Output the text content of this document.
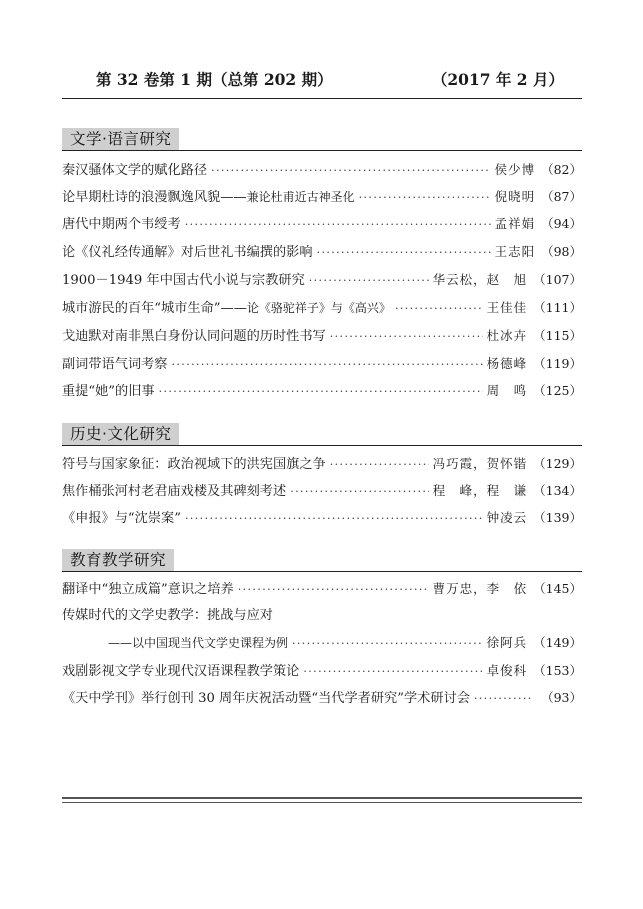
第 32 卷第 1 期（总第 202 期）	（2017 年 2 月）
文学·语言研究
秦汉骚体文学的赋化路径 ·····	侯少博 （82）
论早期杜诗的浪漫飘逸风貌—— 兼论杜甫近古神圣化 ·····	倪晓明 （87）
唐代中期两个韦绶考 ·····	孟祥娟 （94）
论《仪礼经传通解》对后世礼书编撰的影响 ·····	王志阳 （98）
1900－1949 年中国古代小说与宗教研究 ·····	华云松，赵　旭 （107）
城市游民的百年“城市生命”—— 论《骆驼祥子》与《高兴》 ·····	王佳佳 （111）
戈迪默对南非黑白身份认同问题的历时性书写 ·····	杜冰卉 （115）
副词带语气词考察 ·····	杨德峰 （119）
重提“她”的旧事 ·····	周　鸣 （125）
历史·文化研究
符号与国家象征：政治视域下的洪宪国旗之争 ·····	冯巧霞，贺怀锴 （129）
焦作桶张河村老君庙戏楼及其碑刻考述 ·····	程　峰，程　谦 （134）
《申报》与“沈崇案” ·····	钟凌云 （139）
教育教学研究
翻译中“独立成篇”意识之培养 ·····	曹万忠，李　依 （145）
传媒时代的文学史教学：挑战与应对
——以中国现当代文学史课程为例 ·····	徐阿兵 （149）
戏剧影视文学专业现代汉语课程教学策论 ·····	卓俊科 （153）
《天中学刊》举行创刊 30 周年庆祝活动暨“当代学者研究”学术研讨会 ·····	（93）
